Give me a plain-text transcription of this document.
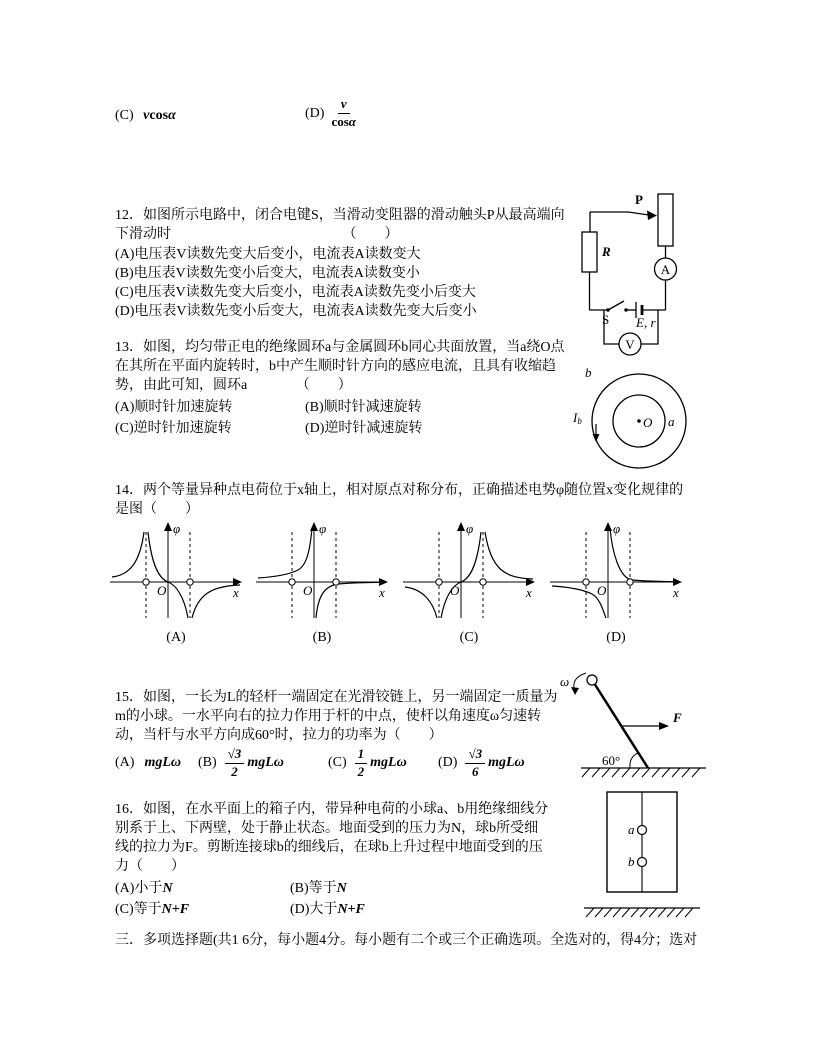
(C) vcosα	$(D) \frac{v}{\cos\alpha}$
12．如图所示电路中，闭合电键S，当滑动变阻器的滑动触头P从最高端向
下滑动时	（　　）
(A)电压表V读数先变大后变小，电流表A读数变大
(B)电压表V读数先变小后变大，电流表A读数变小
(C)电压表V读数先变大后变小，电流表A读数先变小后变大
(D)电压表V读数先变小后变大，电流表A读数先变大后变小
P
R
A
S E, r
V
13．如图，均匀带正电的绝缘圆环a与金属圆环b同心共面放置，当a绕O点
在其所在平面内旋转时，b中产生顺时针方向的感应电流，且具有收缩趋
势，由此可知，圆环a	（　　）
(A)顺时针加速旋转	(B)顺时针减速旋转
(C)逆时针加速旋转	(D)逆时针减速旋转	O a
b
Ib
14．两个等量异种点电荷位于x轴上，相对原点对称分布，正确描述电势φ随位置x变化规律的
是图（　　）
φ
x
O
(A)
φ
x
O
(B)
φ
x
O
(C)
φ
x
O
(D)
15．如图，一长为L的轻杆一端固定在光滑铰链上，另一端固定一质量为
m的小球。一水平向右的拉力作用于杆的中点，使杆以角速度ω匀速转
动，当杆与水平方向成60°时，拉力的功率为（　　）
(A) mgLω $(B) \frac{√3}{2}$ mgLω	$(C) \frac{1}{2}$ mgLω $(D) \frac{√3}{6}$ mgLω
ω
F
60°
16．如图，在水平面上的箱子内，带异种电荷的小球a、b用绝缘细线分
别系于上、下两壁，处于静止状态。地面受到的压力为N，球b所受细
线的拉力为F。剪断连接球b的细线后，在球b上升过程中地面受到的压
力（　　）
(A)小于N	(B)等于N
(C)等于N+F	(D)大于N+F
a
b
三．多项选择题(共1 6分，每小题4分。每小题有二个或三个正确选项。全选对的，得4分；选对
